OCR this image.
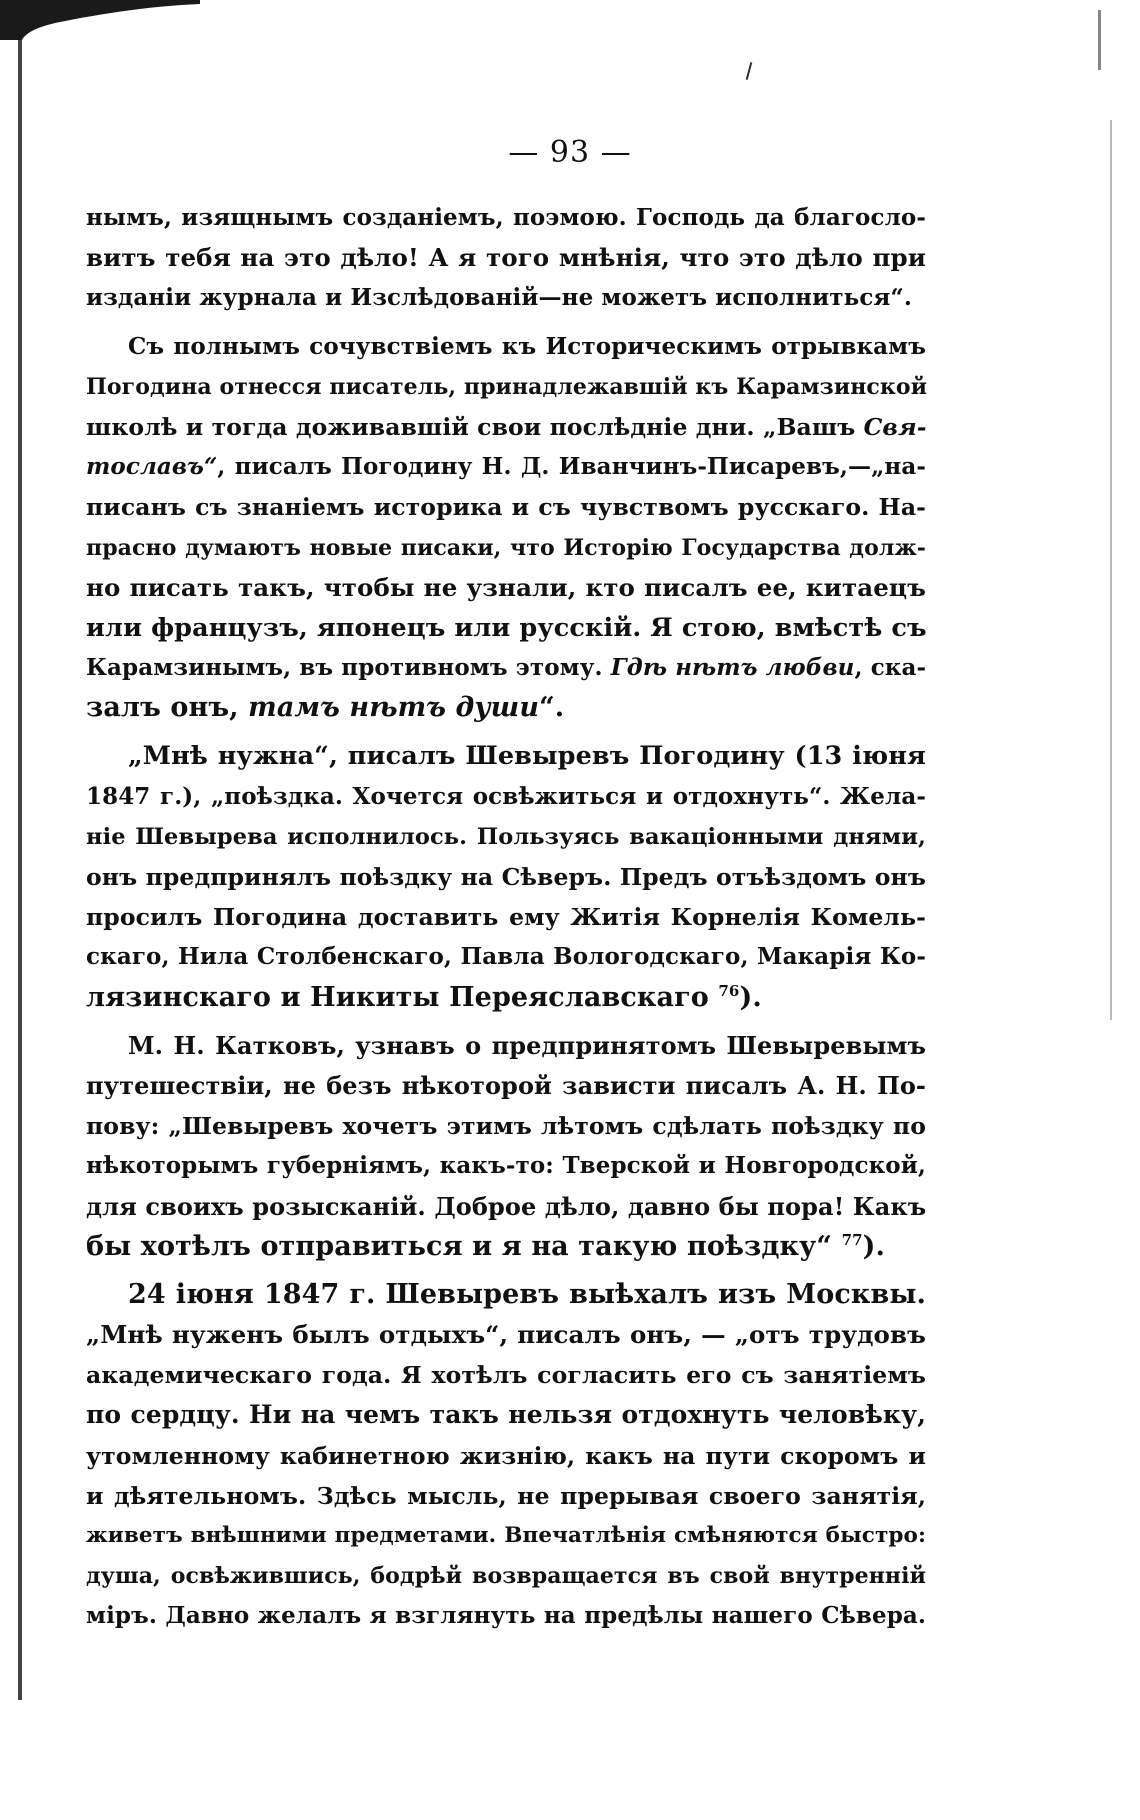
— 93 —
нымъ, изящнымъ созданіемъ, поэмою. Господь да благосло-
витъ тебя на это дѣло! А я того мнѣнія, что это дѣло при
изданіи журнала и Изслѣдованій—не можетъ исполниться“.
Съ полнымъ сочувствіемъ къ Историческимъ отрывкамъ
Погодина отнесся писатель, принадлежавшій къ Карамзинской
школѣ и тогда доживавшій свои послѣдніе дни. „Вашъ Свя-
тославъ“, писалъ Погодину Н. Д. Иванчинъ-Писаревъ,—„на-
писанъ съ знаніемъ историка и съ чувствомъ русскаго. На-
прасно думаютъ новые писаки, что Исторію Государства долж-
но писать такъ, чтобы не узнали, кто писалъ ее, китаецъ
или французъ, японецъ или русскій. Я стою, вмѣстѣ съ
Карамзинымъ, въ противномъ этому. Гдѣ нѣтъ любви, ска-
залъ онъ, тамъ нѣтъ души“.
„Мнѣ нужна“, писалъ Шевыревъ Погодину (13 іюня
1847 г.), „поѣздка. Хочется освѣжиться и отдохнуть“. Жела-
ніе Шевырева исполнилось. Пользуясь вакаціонными днями,
онъ предпринялъ поѣздку на Сѣверъ. Предъ отъѣздомъ онъ
просилъ Погодина доставить ему Житія Корнелія Комель-
скаго, Нила Столбенскаго, Павла Вологодскаго, Макарія Ко-
лязинскаго и Никиты Переяславскаго $^{76}$).
М. Н. Катковъ, узнавъ о предпринятомъ Шевыревымъ
путешествіи, не безъ нѣкоторой зависти писалъ А. Н. По-
пову: „Шевыревъ хочетъ этимъ лѣтомъ сдѣлать поѣздку по
нѣкоторымъ губерніямъ, какъ-то: Тверской и Новгородской,
для своихъ розысканій. Доброе дѣло, давно бы пора! Какъ
бы хотѣлъ отправиться и я на такую поѣздку“ $^{77}$).
24 іюня 1847 г. Шевыревъ выѣхалъ изъ Москвы.
„Мнѣ нуженъ былъ отдыхъ“, писалъ онъ, — „отъ трудовъ
академическаго года. Я хотѣлъ согласить его съ занятіемъ
по сердцу. Ни на чемъ такъ нельзя отдохнуть человѣку,
утомленному кабинетною жизнію, какъ на пути скоромъ и
и дѣятельномъ. Здѣсь мысль, не прерывая своего занятія,
живетъ внѣшними предметами. Впечатлѣнія смѣняются быстро:
душа, освѣжившись, бодрѣй возвращается въ свой внутренній
міръ. Давно желалъ я взглянуть на предѣлы нашего Сѣвера.
